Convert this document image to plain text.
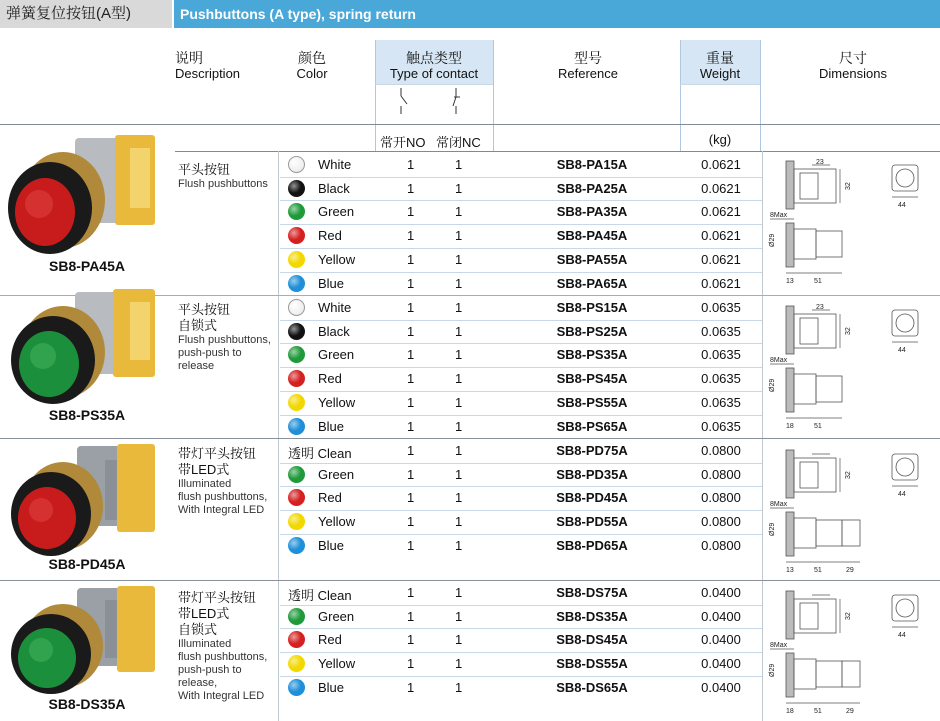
弹簧复位按钮(A型)	Pushbuttons (A type), spring return
说明
Description
颜色
Color
触点类型
Type of contact
型号
Reference
重量
Weight
尺寸
Dimensions
常开NO 常闭NC	(kg)
SB8-PA45A
SB8-PS35A
SB8-PD45A
SB8-DS35A
平头按钮
Flush pushbuttons
平头按钮
自锁式
Flush pushbuttons,
push-push to
release
带灯平头按钮
带LED式
Illuminated
flush pushbuttons,
With Integral LED
带灯平头按钮
带LED式
自锁式
Illuminated
flush pushbuttons,
push-push to
release,
With Integral LED
White	1	1	SB8-PA15A	0.0621
Black	1	1	SB8-PA25A	0.0621
Green	1	1	SB8-PA35A	0.0621
Red	1	1	SB8-PA45A	0.0621
Yellow	1	1	SB8-PA55A	0.0621
Blue	1	1	SB8-PA65A	0.0621
White	1	1	SB8-PS15A	0.0635
Black	1	1	SB8-PS25A	0.0635
Green	1	1	SB8-PS35A	0.0635
Red	1	1	SB8-PS45A	0.0635
Yellow	1	1	SB8-PS55A	0.0635
Blue	1	1	SB8-PS65A	0.0635
透明 Clean	1	1	SB8-PD75A	0.0800
Green	1	1	SB8-PD35A	0.0800
Red	1	1	SB8-PD45A	0.0800
Yellow	1	1	SB8-PD55A	0.0800
Blue	1	1	SB8-PD65A	0.0800
透明 Clean	1	1	SB8-DS75A	0.0400
Green	1	1	SB8-DS35A	0.0400
Red	1	1	SB8-DS45A	0.0400
Yellow	1	1	SB8-DS55A	0.0400
Blue	1	1	SB8-DS65A	0.0400
23
32
44
8Max
Ø29
13	51
23
32
44
8Max
Ø29
18	51
32
44
8Max
Ø29
13	51	29
32
44
8Max
Ø29
18	51	29
